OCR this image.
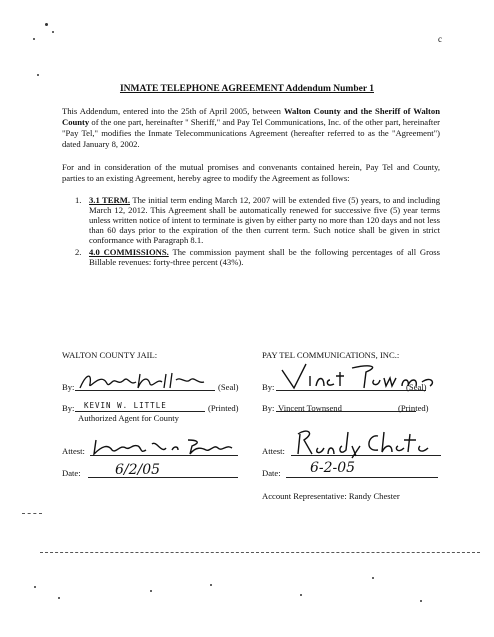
c
INMATE TELEPHONE AGREEMENT Addendum Number 1
This Addendum, entered into the 25th of April 2005, between Walton County and the Sheriff of Walton County of the one part, hereinafter " Sheriff," and Pay Tel Communications, Inc. of the other part, hereinafter "Pay Tel," modifies the Inmate Telecommunications Agreement (hereafter referred to as the "Agreement") dated January 8, 2002.
For and in consideration of the mutual promises and convenants contained herein, Pay Tel and County, parties to an existing Agreement, hereby agree to modify the Agreement as follows:
1. 3.1 TERM. The initial term ending March 12, 2007 will be extended five (5) years, to and including March 12, 2012. This Agreement shall be automatically renewed for successive five (5) year terms unless written notice of intent to terminate is given by either party no more than 120 days and not less than 60 days prior to the expiration of the then current term. Such notice shall be given in strict conformance with Paragraph 8.1.
2. 4.0 COMMISSIONS. The commission payment shall be the following percentages of all Gross Billable revenues: forty-three percent (43%).
WALTON COUNTY JAIL:
By:	(Seal)
By: KEVIN W. LITTLE	(Printed)
Authorized Agent for County
Attest:
Date: 6/2/05
PAY TEL COMMUNICATIONS, INC.:
By:	(Seal)
By: Vincent Townsend	(Printed)
Attest:
Date: 6-2-05
Account Representative: Randy Chester
